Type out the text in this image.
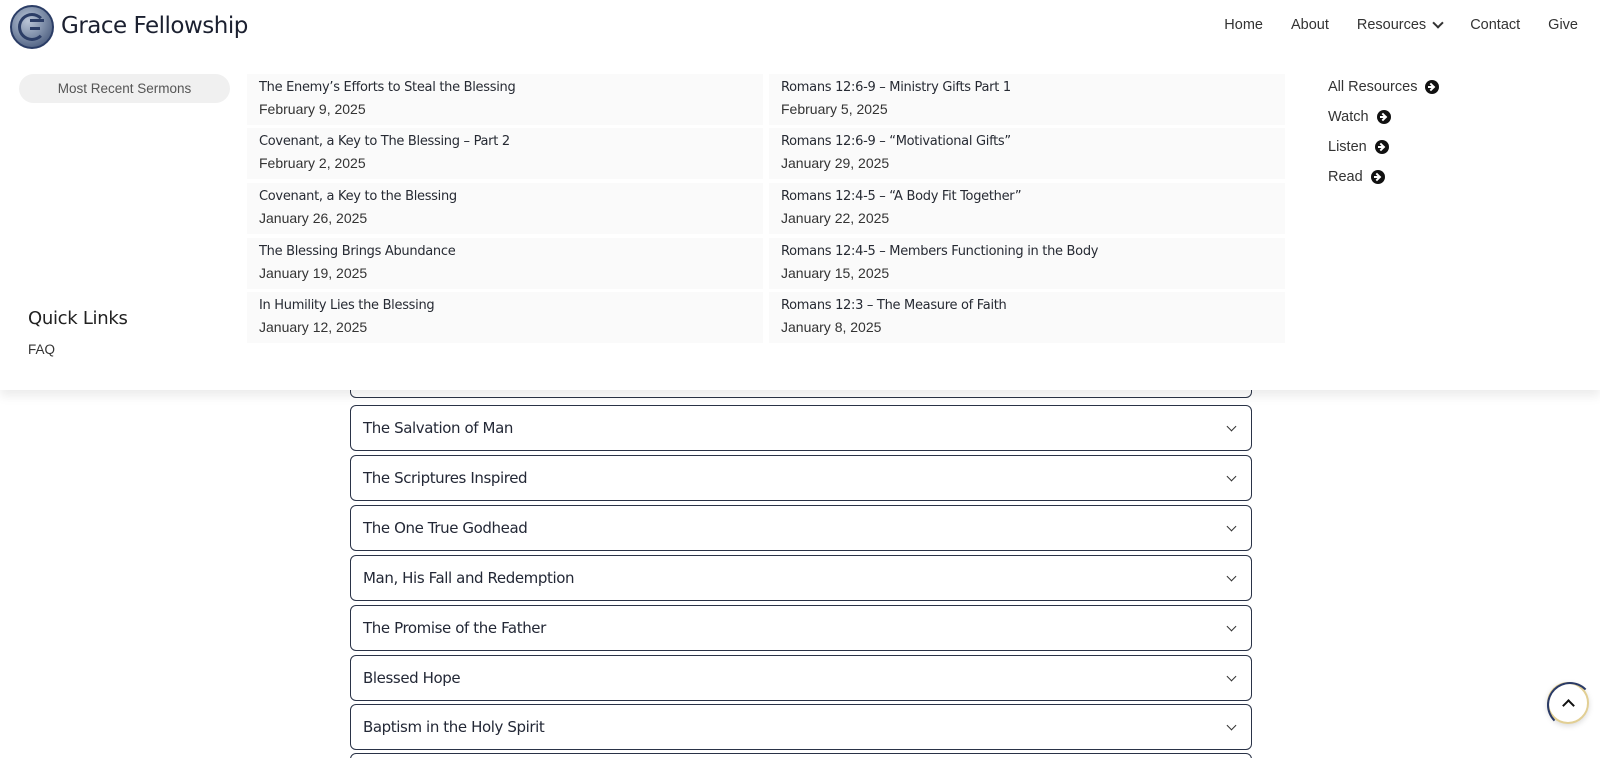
Grace Fellowship	Home About Resources	Contact Give
The Salvation of Man
The Scriptures Inspired
The One True Godhead
Man, His Fall and Redemption
The Promise of the Father
Blessed Hope
Baptism in the Holy Spirit
Most Recent Sermons	The Enemy’s Efforts to Steal the Blessing
February 9, 2025
Covenant, a Key to The Blessing – Part 2
February 2, 2025
Covenant, a Key to the Blessing
January 26, 2025
The Blessing Brings Abundance
January 19, 2025
In Humility Lies the Blessing
January 12, 2025
Romans 12:6-9 – Ministry Gifts Part 1
February 5, 2025
Romans 12:6-9 – “Motivational Gifts”
January 29, 2025
Romans 12:4-5 – “A Body Fit Together”
January 22, 2025
Romans 12:4-5 – Members Functioning in the Body
January 15, 2025
Romans 12:3 – The Measure of Faith
January 8, 2025
All Resources
Watch
Listen
Read
Quick Links
FAQ
